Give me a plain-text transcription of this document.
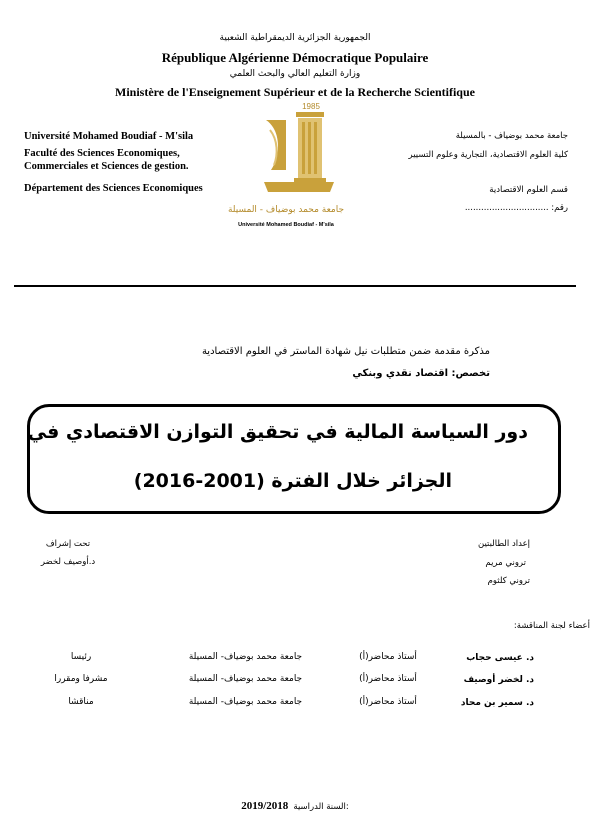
الجمهورية الجزائرية الديمقراطية الشعبية
République Algérienne Démocratique Populaire
وزارة التعليم العالي والبحث العلمي
Ministère de l'Enseignement Supérieur et de la Recherche Scientifique
Université Mohamed Boudiaf - M'sila
Faculté des Sciences Economiques,
Commerciales et Sciences de gestion.
Département des Sciences Economiques
جامعة محمد بوضياف - بالمسيلة
كلية العلوم الاقتصادية، التجارية وعلوم التسيير
قسم العلوم الاقتصادية
رقم: ...............................
1985
جامعة محمد بوضياف - المسيلة
Université Mohamed Boudiaf - M'sila
مذكرة مقدمة ضمن متطلبات نيل شهادة الماستر في العلوم الاقتصادية
تخصص: اقتصاد نقدي وبنكي
دور السياسة المالية في تحقيق التوازن الاقتصادي في
الجزائر خلال الفترة (2001-2016)
إعداد الطالبتين
تروني مريم
تروني كلثوم
تحت إشراف
د.أوصيف لخضر
أعضاء لجنة المناقشة:
د. عيسى حجاب
أستاذ محاضر(أ)
جامعة محمد بوضياف- المسيلة
رئيسا
د. لخضر أوصيف
أستاذ محاضر(أ)
جامعة محمد بوضياف- المسيلة
مشرفا ومقررا
د. سمير بن محاد
أستاذ محاضر(أ)
جامعة محمد بوضياف- المسيلة
مناقشا
2019/2018 السنة الدراسية:
